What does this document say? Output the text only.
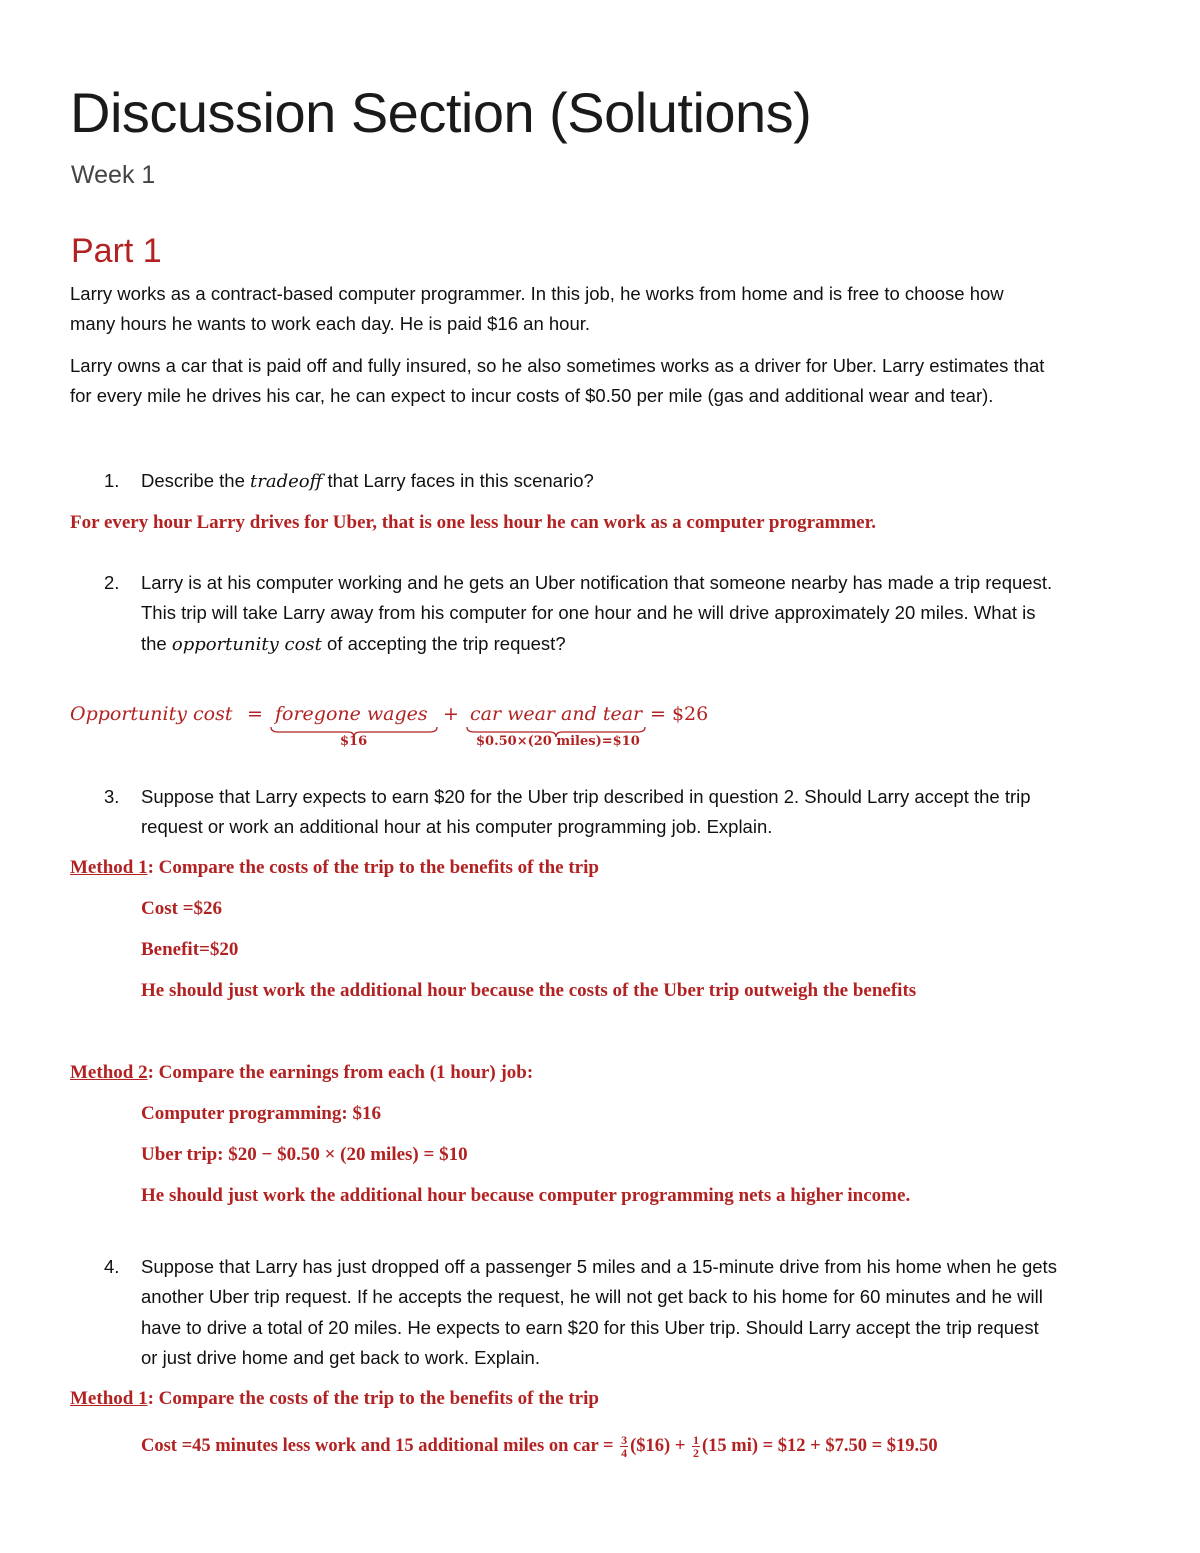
Discussion Section (Solutions)
Week 1
Part 1
Larry works as a contract-based computer programmer. In this job, he works from home and is free to choose how
many hours he wants to work each day. He is paid $16 an hour.
Larry owns a car that is paid off and fully insured, so he also sometimes works as a driver for Uber. Larry estimates that
for every mile he drives his car, he can expect to incur costs of $0.50 per mile (gas and additional wear and tear).
1. Describe the tradeoff that Larry faces in this scenario?
For every hour Larry drives for Uber, that is one less hour he can work as a computer programmer.
2. Larry is at his computer working and he gets an Uber notification that someone nearby has made a trip request.
This trip will take Larry away from his computer for one hour and he will drive approximately 20 miles. What is
the opportunity cost of accepting the trip request?
Opportunity cost = foregone wages + car wear and tear = $26
$16	$0.50×(20 miles)=$10
3. Suppose that Larry expects to earn $20 for the Uber trip described in question 2. Should Larry accept the trip
request or work an additional hour at his computer programming job. Explain.
Method 1: Compare the costs of the trip to the benefits of the trip
Cost =$26
Benefit=$20
He should just work the additional hour because the costs of the Uber trip outweigh the benefits
Method 2: Compare the earnings from each (1 hour) job:
Computer programming: $16
Uber trip: $20 − $0.50 × (20 miles) = $10
He should just work the additional hour because computer programming nets a higher income.
4. Suppose that Larry has just dropped off a passenger 5 miles and a 15-minute drive from his home when he gets
another Uber trip request. If he accepts the request, he will not get back to his home for 60 minutes and he will
have to drive a total of 20 miles. He expects to earn $20 for this Uber trip. Should Larry accept the trip request
or just drive home and get back to work. Explain.
Method 1: Compare the costs of the trip to the benefits of the trip
Cost =45 minutes less work and 15 additional miles on car = $\frac{3}{4}$ ($16) + $\frac{1}{2} (15$ mi) = $12 + $7.50 = $19.50
